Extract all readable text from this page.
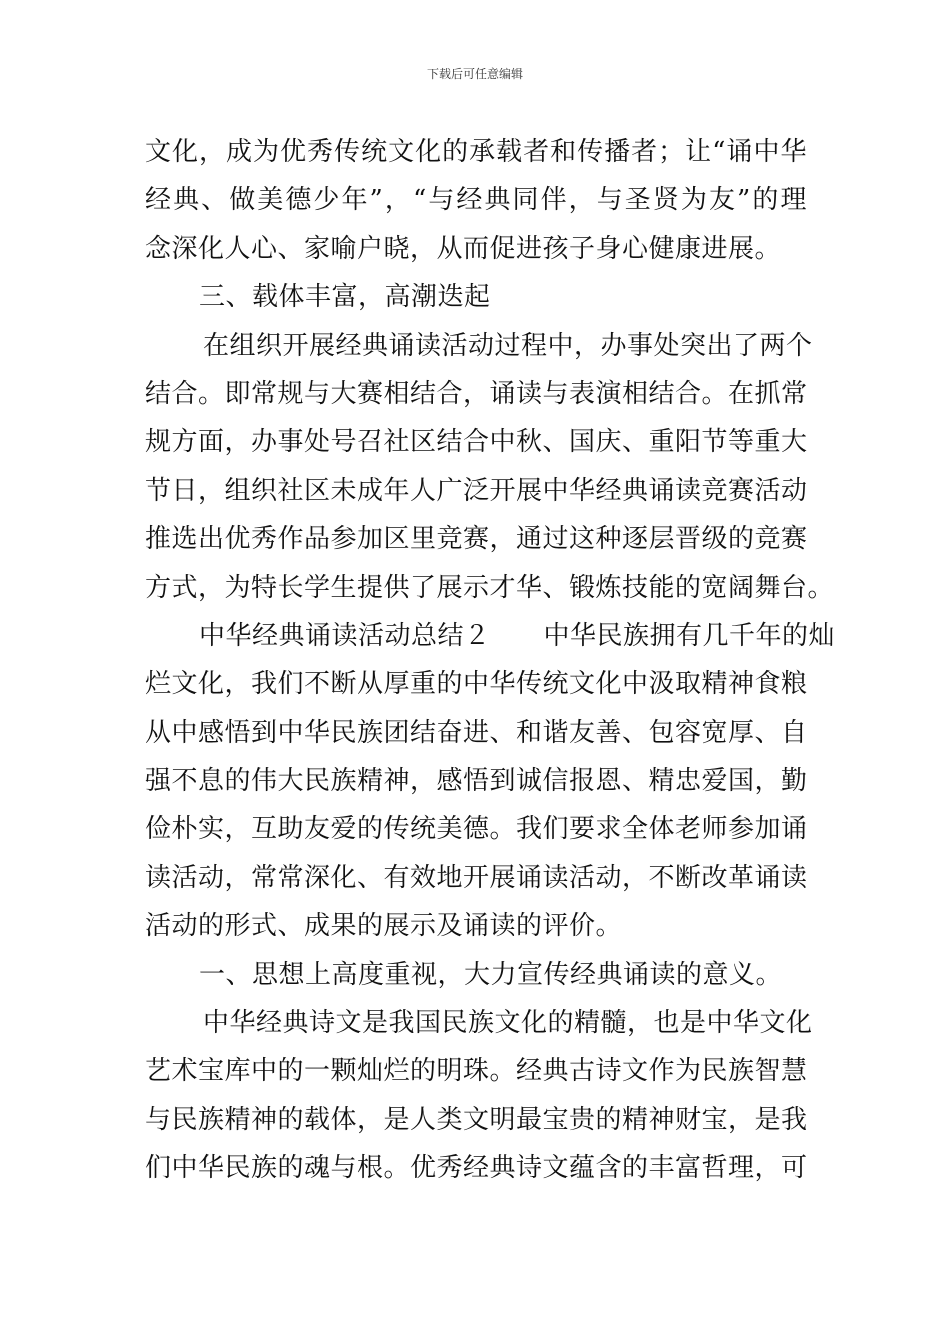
下载后可任意编辑
文化，成为优秀传统文化的承载者和传播者；让“诵中华
经典、做美德少年”，“与经典同伴，与圣贤为友”的理
念深化人心、家喻户晓，从而促进孩子身心健康进展。
三、载体丰富，高潮迭起
在组织开展经典诵读活动过程中，办事处突出了两个
结合。即常规与大赛相结合，诵读与表演相结合。在抓常
规方面，办事处号召社区结合中秋、国庆、重阳节等重大
节日，组织社区未成年人广泛开展中华经典诵读竞赛活动
推选出优秀作品参加区里竞赛，通过这种逐层晋级的竞赛
方式，为特长学生提供了展示才华、锻炼技能的宽阔舞台。
中华经典诵读活动总结２　　中华民族拥有几千年的灿
烂文化，我们不断从厚重的中华传统文化中汲取精神食粮
从中感悟到中华民族团结奋进、和谐友善、包容宽厚、自
强不息的伟大民族精神，感悟到诚信报恩、精忠爱国，勤
俭朴实，互助友爱的传统美德。我们要求全体老师参加诵
读活动，常常深化、有效地开展诵读活动，不断改革诵读
活动的形式、成果的展示及诵读的评价。
一、思想上高度重视，大力宣传经典诵读的意义。
中华经典诗文是我国民族文化的精髓，也是中华文化
艺术宝库中的一颗灿烂的明珠。经典古诗文作为民族智慧
与民族精神的载体，是人类文明最宝贵的精神财宝，是我
们中华民族的魂与根。优秀经典诗文蕴含的丰富哲理，可
